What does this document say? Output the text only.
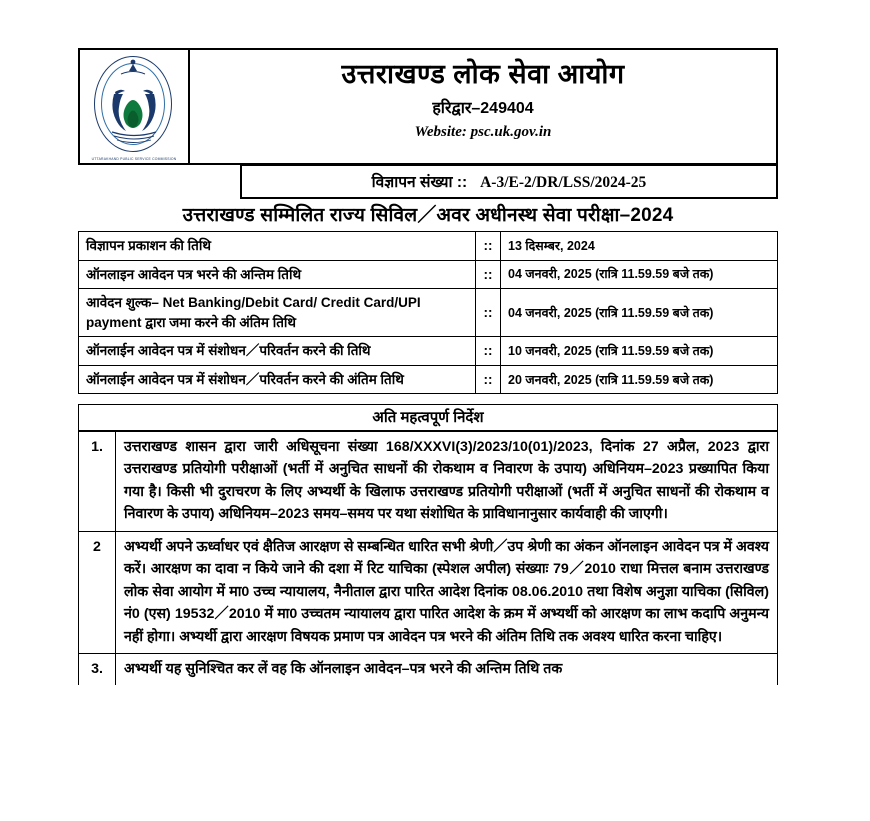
UTTARAKHAND PUBLIC SERVICE COMMISSION
उत्तराखण्ड लोक सेवा आयोग
हरिद्वार–249404
Website: psc.uk.gov.in
विज्ञापन संख्या :: A-3/E-2/DR/LSS/2024-25
उत्तराखण्ड सम्मिलित राज्य सिविल／अवर अधीनस्थ सेवा परीक्षा–2024
विज्ञापन प्रकाशन की तिथि	::	13 दिसम्बर, 2024
ऑनलाइन आवेदन पत्र भरने की अन्तिम तिथि	::	04 जनवरी, 2025 (रात्रि 11.59.59 बजे तक)
आवेदन शुल्क– Net Banking/Debit Card/ Credit Card/UPI payment द्वारा जमा करने की अंतिम तिथि	::	04 जनवरी, 2025 (रात्रि 11.59.59 बजे तक)
ऑनलाईन आवेदन पत्र में संशोधन／परिवर्तन करने की तिथि	::	10 जनवरी, 2025 (रात्रि 11.59.59 बजे तक)
ऑनलाईन आवेदन पत्र में संशोधन／परिवर्तन करने की अंतिम तिथि	::	20 जनवरी, 2025 (रात्रि 11.59.59 बजे तक)
अति महत्वपूर्ण निर्देश
1.	उत्तराखण्ड शासन द्वारा जारी अधिसूचना संख्या 168/XXXVI(3)/2023/10(01)/2023, दिनांक 27 अप्रैल, 2023 द्वारा उत्तराखण्ड प्रतियोगी परीक्षाओं (भर्ती में अनुचित साधनों की रोकथाम व निवारण के उपाय) अधिनियम–2023 प्रख्यापित किया गया है। किसी भी दुराचरण के लिए अभ्यर्थी के खिलाफ उत्तराखण्ड प्रतियोगी परीक्षाओं (भर्ती में अनुचित साधनों की रोकथाम व निवारण के उपाय) अधिनियम–2023 समय–समय पर यथा संशोधित के प्राविधानानुसार कार्यवाही की जाएगी।
2	अभ्यर्थी अपने ऊर्ध्वाधर एवं क्षैतिज आरक्षण से सम्बन्धित धारित सभी श्रेणी／उप श्रेणी का अंकन ऑनलाइन आवेदन पत्र में अवश्य करें। आरक्षण का दावा न किये जाने की दशा में रिट याचिका (स्पेशल अपील) संख्याः 79／2010 राधा मित्तल बनाम उत्तराखण्ड लोक सेवा आयोग में मा0 उच्च न्यायालय, नैनीताल द्वारा पारित आदेश दिनांक 08.06.2010 तथा विशेष अनुज्ञा याचिका (सिविल) नं0 (एस) 19532／2010 में मा0 उच्चतम न्यायालय द्वारा पारित आदेश के क्रम में अभ्यर्थी को आरक्षण का लाभ कदापि अनुमन्य नहीं होगा। अभ्यर्थी द्वारा आरक्षण विषयक प्रमाण पत्र आवेदन पत्र भरने की अंतिम तिथि तक अवश्य धारित करना चाहिए।
3.	अभ्यर्थी यह सुनिश्चित कर लें वह कि ऑनलाइन आवेदन–पत्र भरने की अन्तिम तिथि तक
